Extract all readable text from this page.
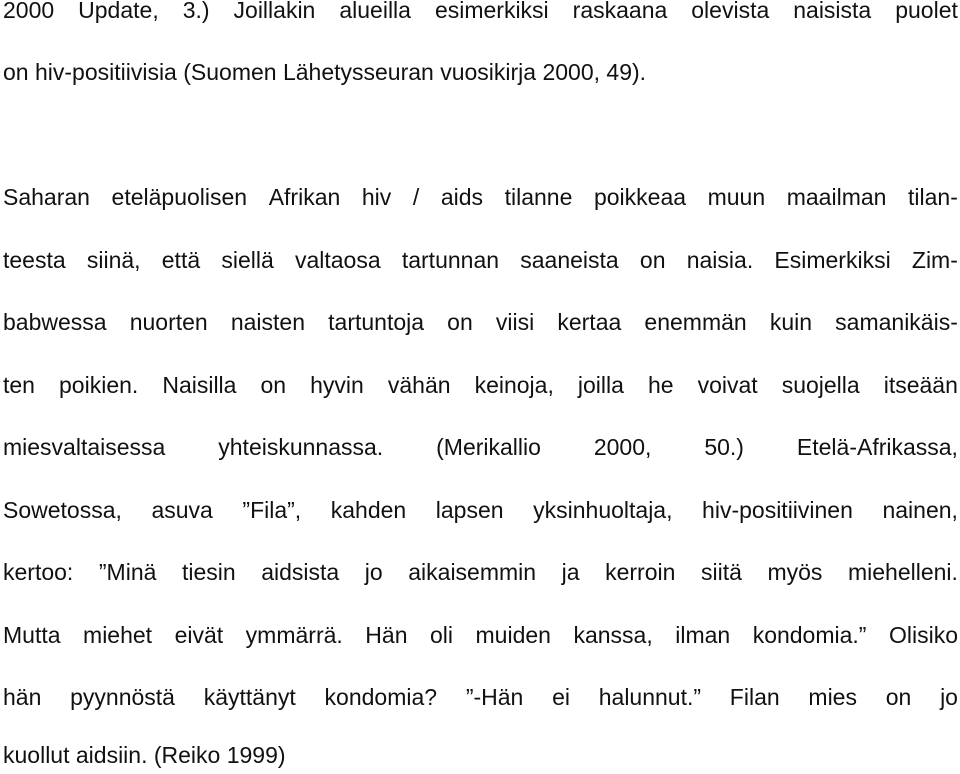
2000 Update, 3.) Joillakin alueilla esimerkiksi raskaana olevista naisista puolet
on hiv-positiivisia (Suomen Lähetysseuran vuosikirja 2000, 49).
Saharan eteläpuolisen Afrikan hiv / aids tilanne poikkeaa muun maailman tilan-
teesta siinä, että siellä valtaosa tartunnan saaneista on naisia. Esimerkiksi Zim-
babwessa nuorten naisten tartuntoja on viisi kertaa enemmän kuin samanikäis-
ten poikien. Naisilla on hyvin vähän keinoja, joilla he voivat suojella itseään
miesvaltaisessa yhteiskunnassa. (Merikallio 2000, 50.) Etelä-Afrikassa,
Sowetossa, asuva ”Fila”, kahden lapsen yksinhuoltaja, hiv-positiivinen nainen,
kertoo: ”Minä tiesin aidsista jo aikaisemmin ja kerroin siitä myös miehelleni.
Mutta miehet eivät ymmärrä. Hän oli muiden kanssa, ilman kondomia.” Olisiko
hän pyynnöstä käyttänyt kondomia? ”-Hän ei halunnut.” Filan mies on jo
kuollut aidsiin. (Reiko 1999)
